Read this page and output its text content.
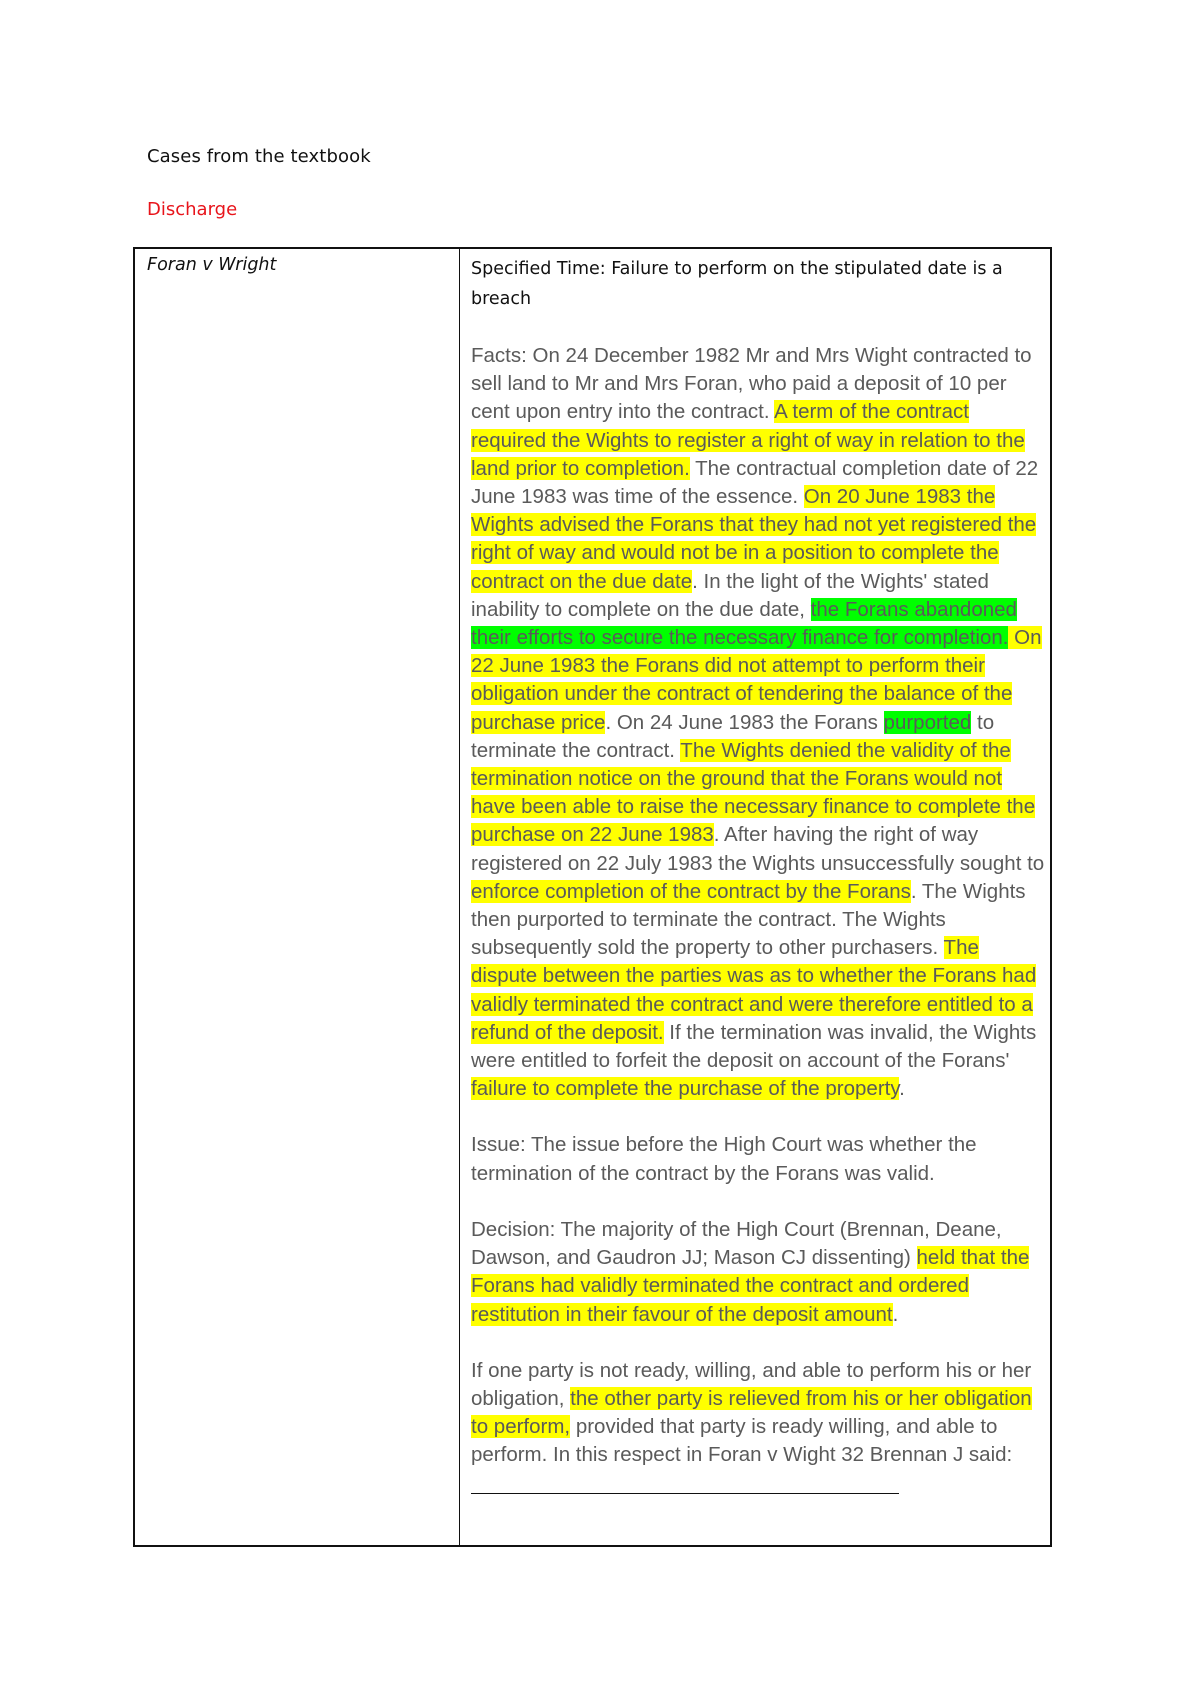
Cases from the textbook
Discharge
Foran v Wright	Specified Time: Failure to perform on the stipulated date is a breach

Facts: On 24 December 1982 Mr and Mrs Wight contracted to sell land to Mr and Mrs Foran, who paid a deposit of 10 per cent upon entry into the contract. A term of the contract required the Wights to register a right of way in relation to the land prior to completion. The contractual completion date of 22 June 1983 was time of the essence. On 20 June 1983 the Wights advised the Forans that they had not yet registered the right of way and would not be in a position to complete the contract on the due date. In the light of the Wights' stated inability to complete on the due date, the Forans abandoned their efforts to secure the necessary finance for completion. On 22 June 1983 the Forans did not attempt to perform their obligation under the contract of tendering the balance of the purchase price. On 24 June 1983 the Forans purported to terminate the contract. The Wights denied the validity of the termination notice on the ground that the Forans would not have been able to raise the necessary finance to complete the purchase on 22 June 1983. After having the right of way registered on 22 July 1983 the Wights unsuccessfully sought to enforce completion of the contract by the Forans. The Wights then purported to terminate the contract. The Wights subsequently sold the property to other purchasers. The dispute between the parties was as to whether the Forans had validly terminated the contract and were therefore entitled to a refund of the deposit. If the termination was invalid, the Wights were entitled to forfeit the deposit on account of the Forans' failure to complete the purchase of the property.

Issue: The issue before the High Court was whether the termination of the contract by the Forans was valid.

Decision: The majority of the High Court (Brennan, Deane, Dawson, and Gaudron JJ; Mason CJ dissenting) held that the Forans had validly terminated the contract and ordered restitution in their favour of the deposit amount.

If one party is not ready, willing, and able to perform his or her obligation, the other party is relieved from his or her obligation to perform, provided that party is ready willing, and able to perform. In this respect in Foran v Wight 32 Brennan J said:
